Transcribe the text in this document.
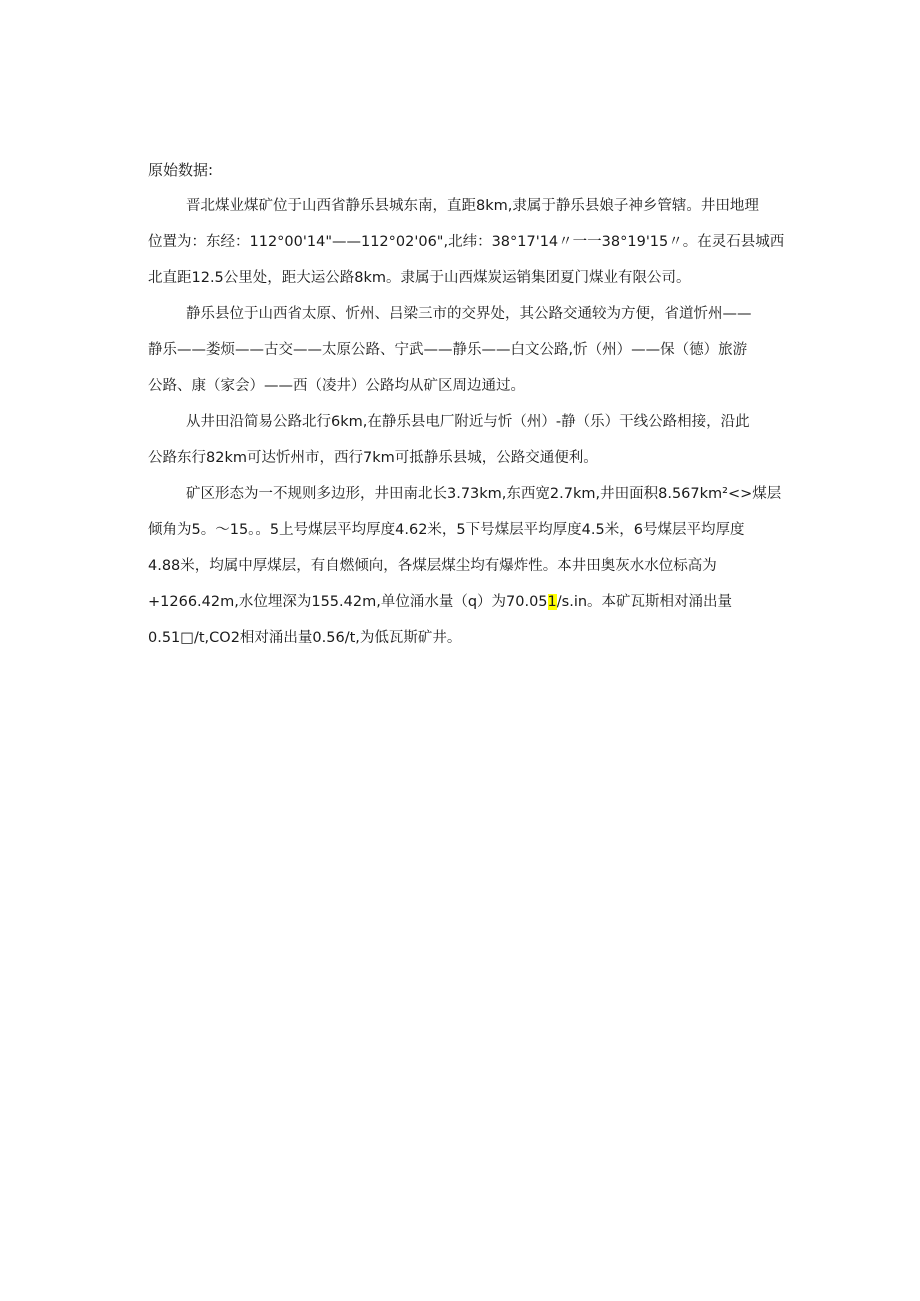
原始数据:
晋北煤业煤矿位于山西省静乐县城东南，直距8km,隶属于静乐县娘子神乡管辖。井田地理
位置为：东经：112°00'14"——112°02'06",北纬：38°17'14〃一一38°19'15〃。在灵石县城西
北直距12.5公里处，距大运公路8km。隶属于山西煤炭运销集团夏门煤业有限公司。
静乐县位于山西省太原、忻州、吕梁三市的交界处，其公路交通较为方便，省道忻州——
静乐——娄烦——古交——太原公路、宁武——静乐——白文公路,忻（州）——保（德）旅游
公路、康（家会）——西（凌井）公路均从矿区周边通过。
从井田沿简易公路北行6km,在静乐县电厂附近与忻（州）-静（乐）干线公路相接，沿此
公路东行82km可达忻州市，西行7km可抵静乐县城，公路交通便利。
矿区形态为一不规则多边形，井田南北长3.73km,东西宽2.7km,井田面积8.567km²<>煤层
倾角为5。～15。。5上号煤层平均厚度4.62米，5下号煤层平均厚度4.5米，6号煤层平均厚度
4.88米，均属中厚煤层，有自燃倾向，各煤层煤尘均有爆炸性。本井田奥灰水水位标高为
+1266.42m,水位埋深为155.42m,单位涌水量（q）为70.051∕s.in。本矿瓦斯相对涌出量
0.51□∕t,CO2相对涌出量0.56∕t,为低瓦斯矿井。
